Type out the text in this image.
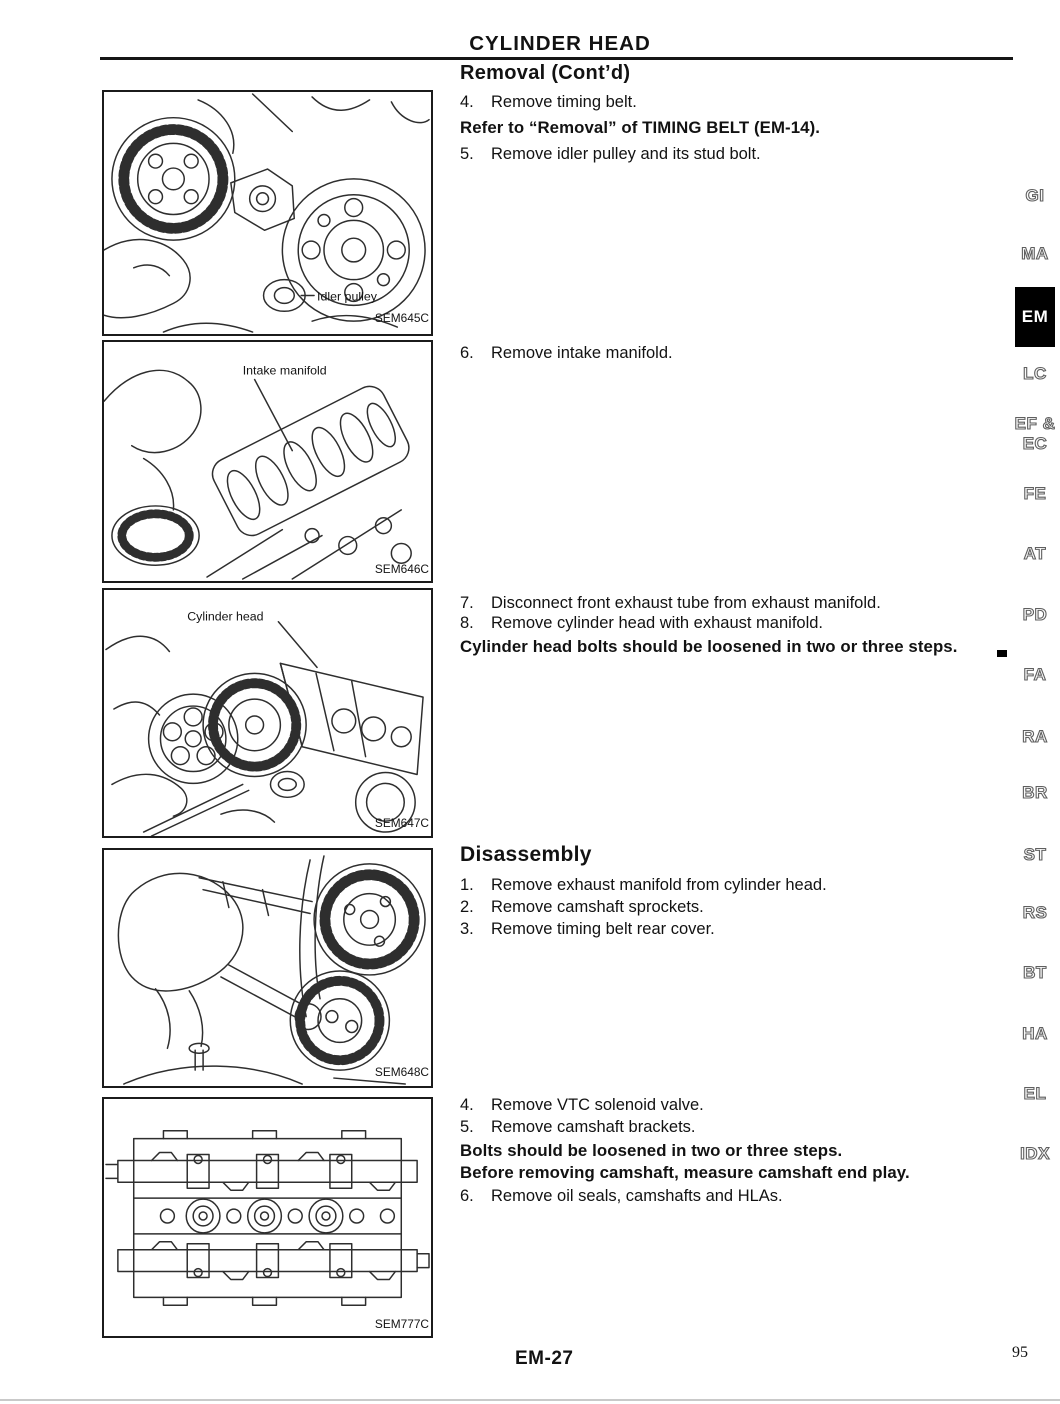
CYLINDER HEAD
Removal (Cont’d)
4. Remove timing belt.
Refer to “Removal” of TIMING BELT (EM-14).
5. Remove idler pulley and its stud bolt.
6. Remove intake manifold.
7. Disconnect front exhaust tube from exhaust manifold.
8. Remove cylinder head with exhaust manifold.
Cylinder head bolts should be loosened in two or three steps.
Disassembly
1. Remove exhaust manifold from cylinder head.
2. Remove camshaft sprockets.
3. Remove timing belt rear cover.
4. Remove VTC solenoid valve.
5. Remove camshaft brackets.
Bolts should be loosened in two or three steps.
Before removing camshaft, measure camshaft end play.
6. Remove oil seals, camshafts and HLAs.
Idler pulley
SEM645C
Intake manifold
SEM646C
Cylinder head
SEM647C
SEM648C
SEM777C
GI
MA
EM
LC
EF &
EC
FE
AT
PD
FA
RA
BR
ST
RS
BT
HA
EL
IDX
EM-27	95
